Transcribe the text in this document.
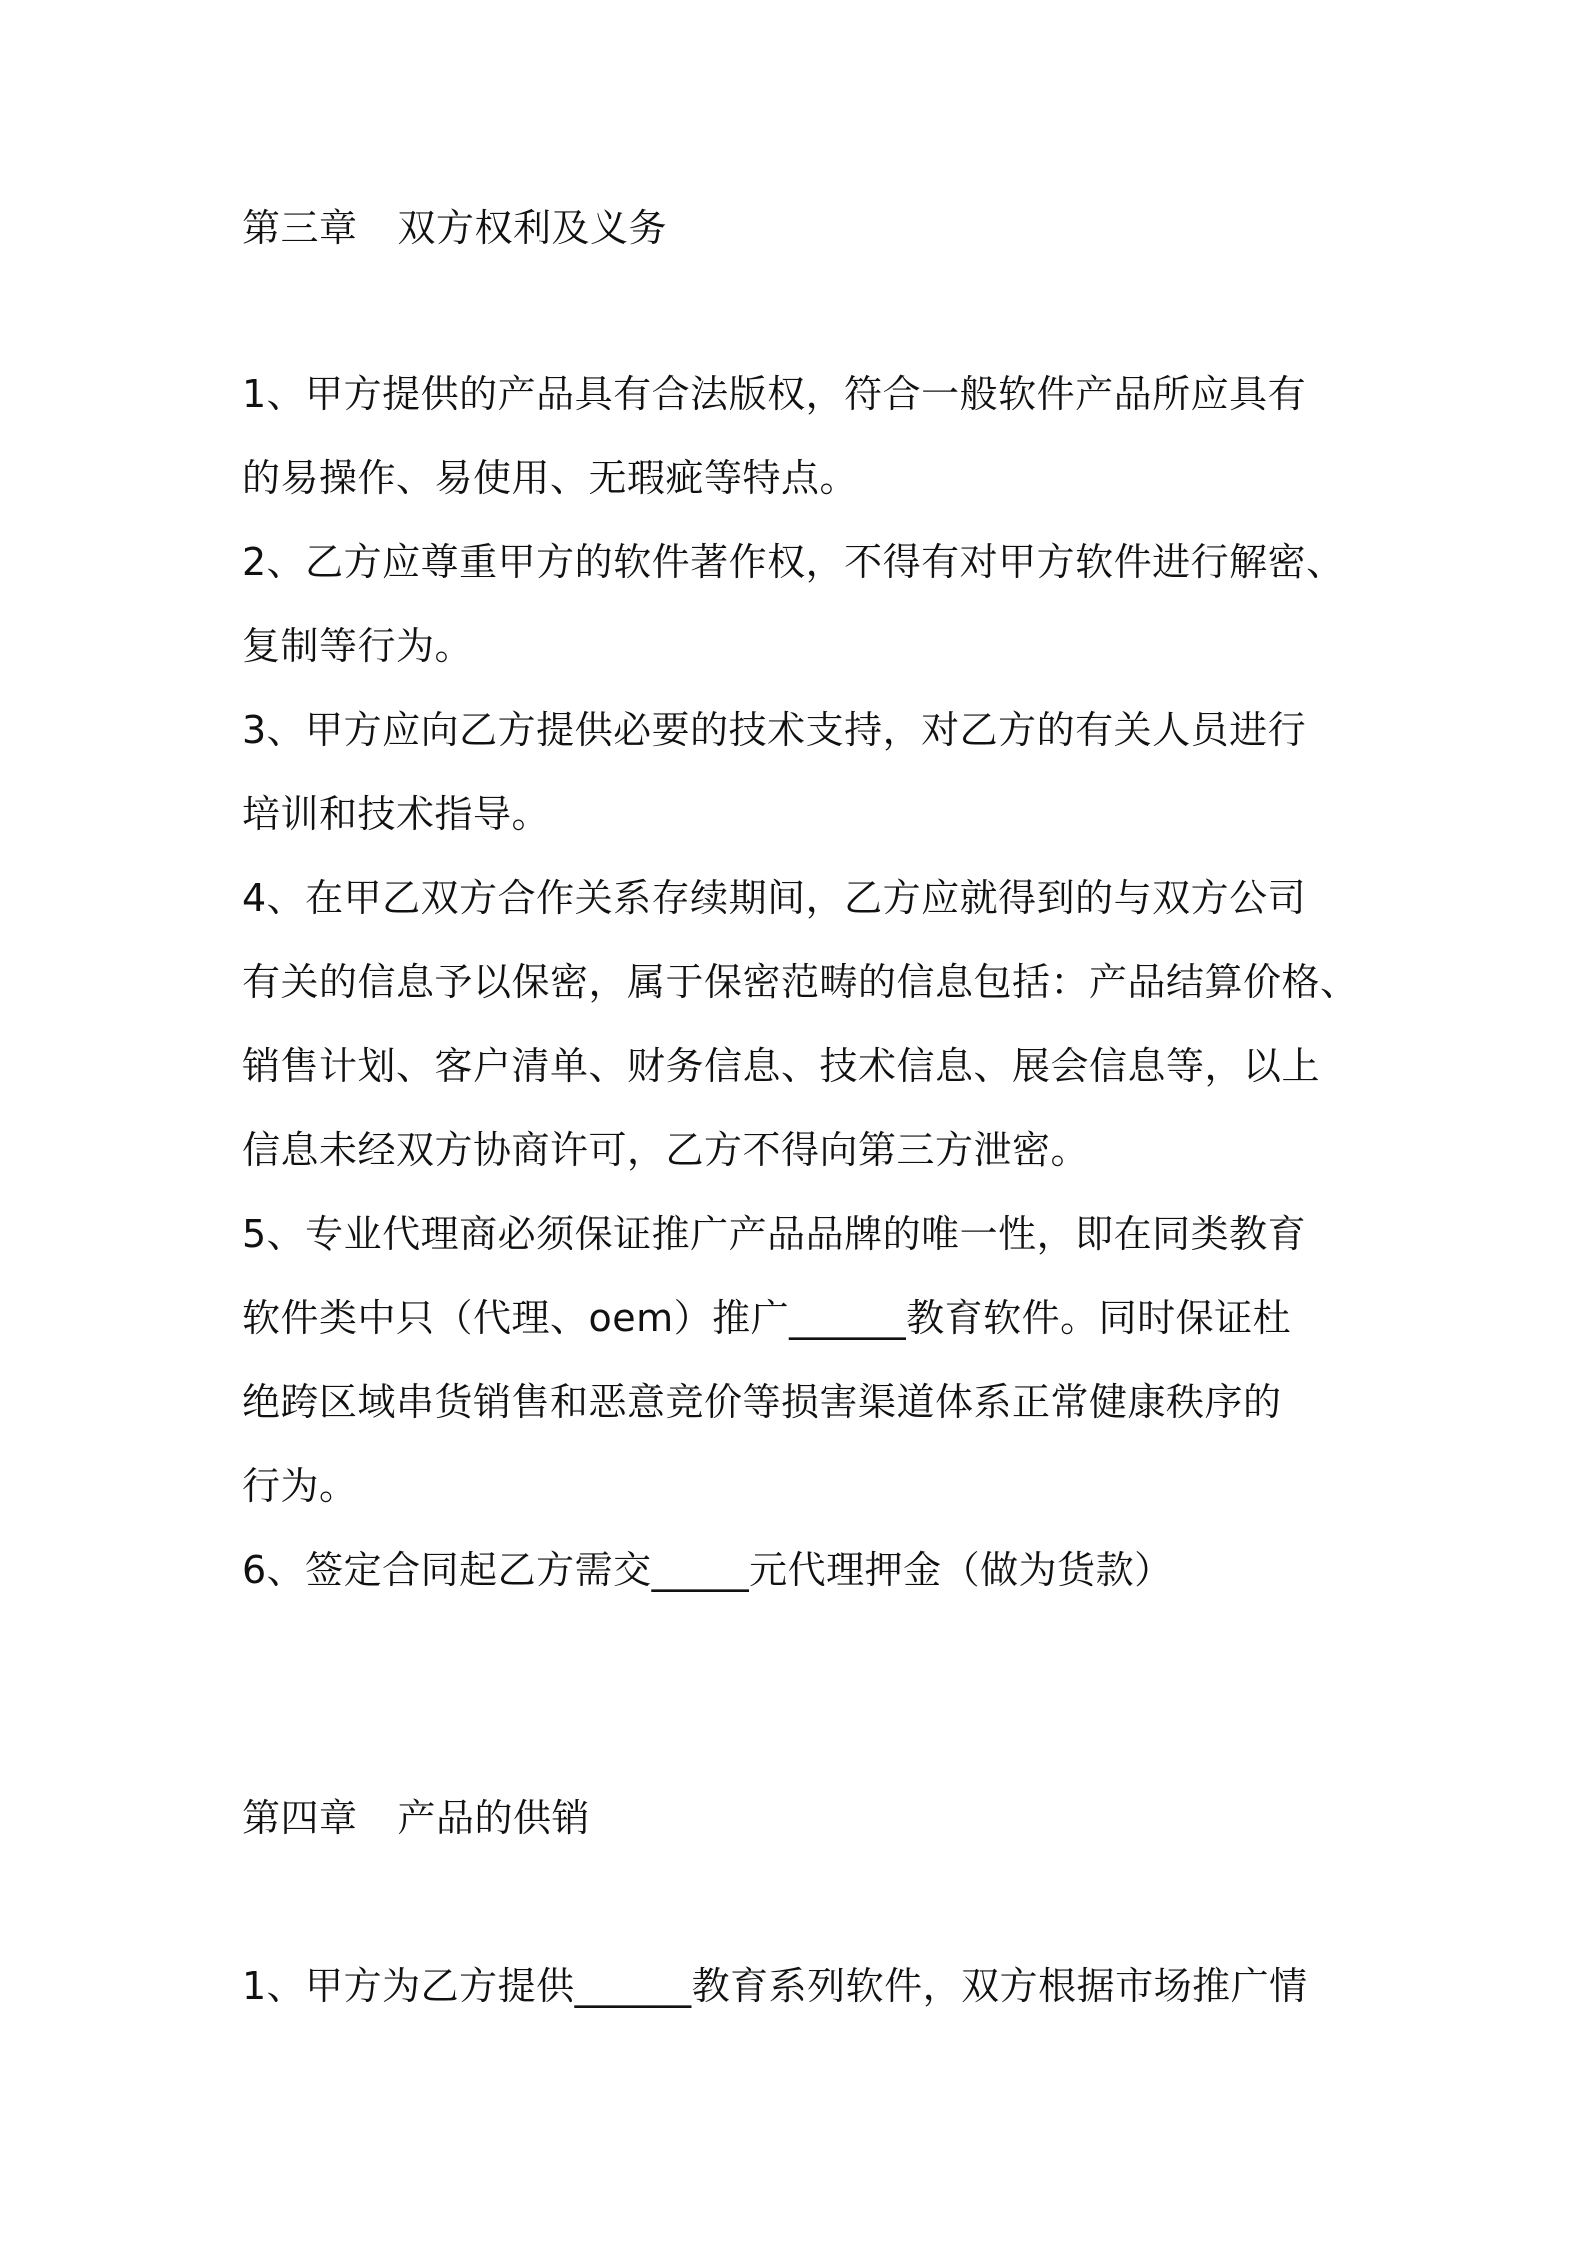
第三章 双方权利及义务
1、甲方提供的产品具有合法版权，符合一般软件产品所应具有
的易操作、易使用、无瑕疵等特点。
2、乙方应尊重甲方的软件著作权，不得有对甲方软件进行解密、
复制等行为。
3、甲方应向乙方提供必要的技术支持，对乙方的有关人员进行
培训和技术指导。
4、在甲乙双方合作关系存续期间，乙方应就得到的与双方公司
有关的信息予以保密，属于保密范畴的信息包括：产品结算价格、
销售计划、客户清单、财务信息、技术信息、展会信息等，以上
信息未经双方协商许可，乙方不得向第三方泄密。
5、专业代理商必须保证推广产品品牌的唯一性，即在同类教育
软件类中只（代理、oem）推广______教育软件。同时保证杜
绝跨区域串货销售和恶意竞价等损害渠道体系正常健康秩序的
行为。
6、签定合同起乙方需交_____元代理押金（做为货款）
第四章 产品的供销
1、甲方为乙方提供______教育系列软件，双方根据市场推广情
